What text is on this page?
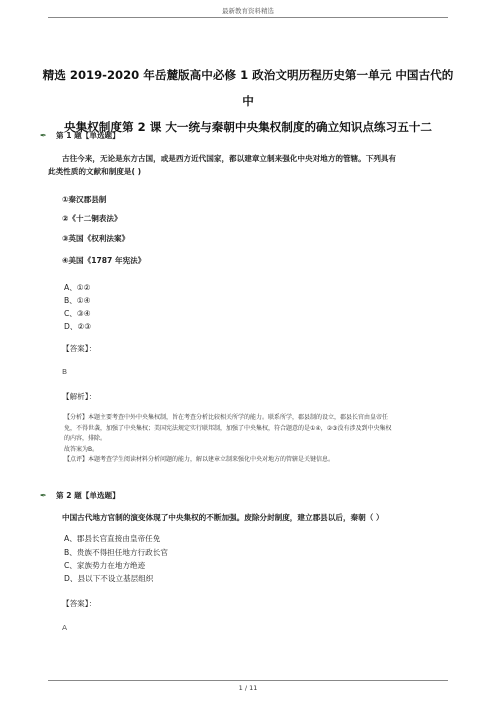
最新教育资料精选
精选 2019-2020 年岳麓版高中必修 1 政治文明历程历史第一单元 中国古代的中
央集权制度第 2 课 大一统与秦朝中央集权制度的确立知识点练习五十二
✒ 第 1 题【单选题】
古往今来，无论是东方古国，或是西方近代国家，都以建章立制来强化中央对地方的管辖。下列具有
此类性质的文献和制度是( )
①秦汉郡县制
②《十二铜表法》
③英国《权利法案》
④美国《1787 年宪法》
A、①②
B、①④
C、③④
D、②③
【答案】：
B
【解析】：
【分析】本题主要考查中外中央集权制，旨在考查分析比较相关所学的能力。联系所学，郡县制的设立，郡县长官由皇帝任
免，不得世袭，加强了中央集权；美国宪法规定实行联邦制，加强了中央集权，符合题意的是①④，②③没有涉及到中央集权
的内容，排除。
故答案为B。
【点评】本题考查学生阅读材料分析问题的能力，解以建章立制来强化中央对地方的管辖是关键信息。
✒ 第 2 题【单选题】
中国古代地方官制的演变体现了中央集权的不断加强。废除分封制度，建立郡县以后，秦朝（ ）
A、郡县长官直接由皇帝任免
B、贵族不得担任地方行政长官
C、家族势力在地方绝迹
D、县以下不设立基层组织
【答案】：
A
1 / 11
